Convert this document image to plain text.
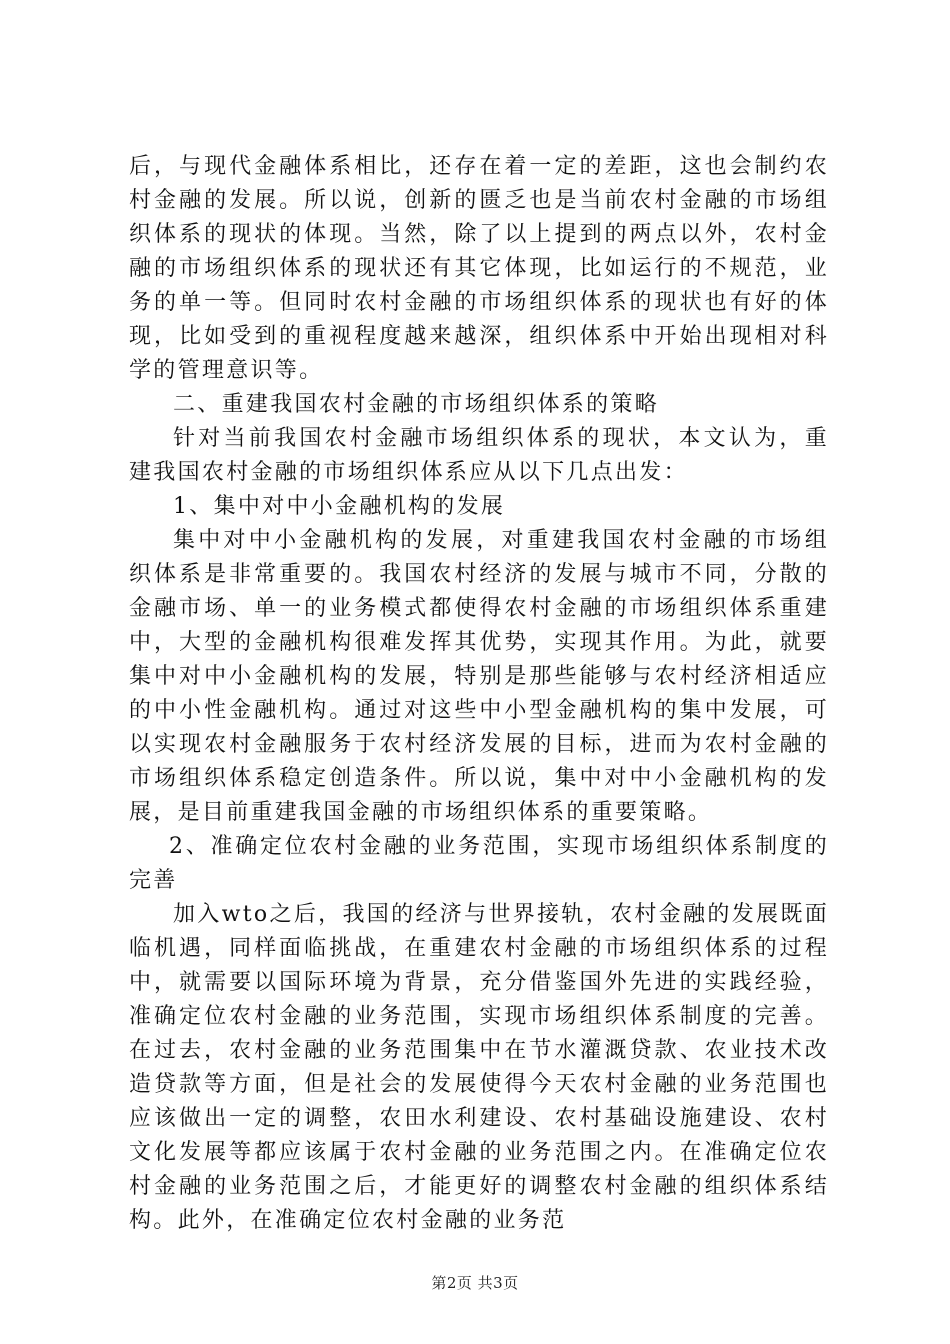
后，与现代金融体系相比，还存在着一定的差距，这也会制约农村金融的发展。所以说，创新的匮乏也是当前农村金融的市场组织体系的现状的体现。当然，除了以上提到的两点以外，农村金融的市场组织体系的现状还有其它体现，比如运行的不规范，业务的单一等。但同时农村金融的市场组织体系的现状也有好的体现，比如受到的重视程度越来越深，组织体系中开始出现相对科学的管理意识等。

二、重建我国农村金融的市场组织体系的策略

针对当前我国农村金融市场组织体系的现状，本文认为，重建我国农村金融的市场组织体系应从以下几点出发：

1、集中对中小金融机构的发展

集中对中小金融机构的发展，对重建我国农村金融的市场组织体系是非常重要的。我国农村经济的发展与城市不同，分散的金融市场、单一的业务模式都使得农村金融的市场组织体系重建中，大型的金融机构很难发挥其优势，实现其作用。为此，就要集中对中小金融机构的发展，特别是那些能够与农村经济相适应的中小性金融机构。通过对这些中小型金融机构的集中发展，可以实现农村金融服务于农村经济发展的目标，进而为农村金融的市场组织体系稳定创造条件。所以说，集中对中小金融机构的发展，是目前重建我国金融的市场组织体系的重要策略。

2、准确定位农村金融的业务范围，实现市场组织体系制度的完善

加入wto之后，我国的经济与世界接轨，农村金融的发展既面临机遇，同样面临挑战，在重建农村金融的市场组织体系的过程中，就需要以国际环境为背景，充分借鉴国外先进的实践经验，准确定位农村金融的业务范围，实现市场组织体系制度的完善。在过去，农村金融的业务范围集中在节水灌溉贷款、农业技术改造贷款等方面，但是社会的发展使得今天农村金融的业务范围也应该做出一定的调整，农田水利建设、农村基础设施建设、农村文化发展等都应该属于农村金融的业务范围之内。在准确定位农村金融的业务范围之后，才能更好的调整农村金融的组织体系结构。此外，在准确定位农村金融的业务范

第2页 共3页
